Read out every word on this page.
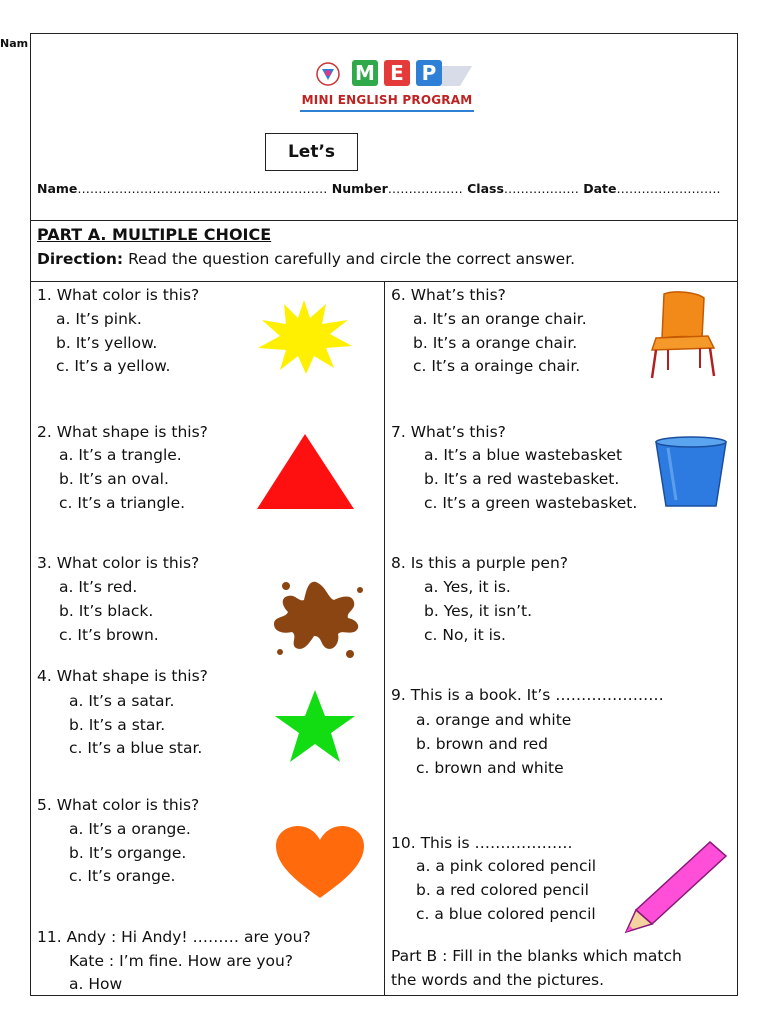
Nam
M E P
MINI ENGLISH PROGRAM
Let’s
Name…………………………………………………… Number……………… Class……………… Date…………………….
PART A. MULTIPLE CHOICE
Direction: Read the question carefully and circle the correct answer.
1. What color is this?
a. It’s pink.
b. It’s yellow.
c. It’s a yellow.
2. What shape is this?
a. It’s a trangle.
b. It’s an oval.
c. It’s a triangle.
3. What color is this?
a. It’s red.
b. It’s black.
c. It’s brown.
4. What shape is this?
a. It’s a satar.
b. It’s a star.
c. It’s a blue star.
5. What color is this?
a. It’s a orange.
b. It’s organge.
c. It’s orange.
11. Andy : Hi Andy! ……… are you?
Kate : I’m fine. How are you?
a. How
6. What’s this?
a. It’s an orange chair.
b. It’s a orange chair.
c. It’s a orainge chair.
7. What’s this?
a. It’s a blue wastebasket
b. It’s a red wastebasket.
c. It’s a green wastebasket.
8. Is this a purple pen?
a. Yes, it is.
b. Yes, it isn’t.
c. No, it is.
9. This is a book. It’s …………………
a. orange and white
b. brown and red
c. brown and white
10. This is ……………….
a. a pink colored pencil
b. a red colored pencil
c. a blue colored pencil
Part B : Fill in the blanks which match
the words and the pictures.
